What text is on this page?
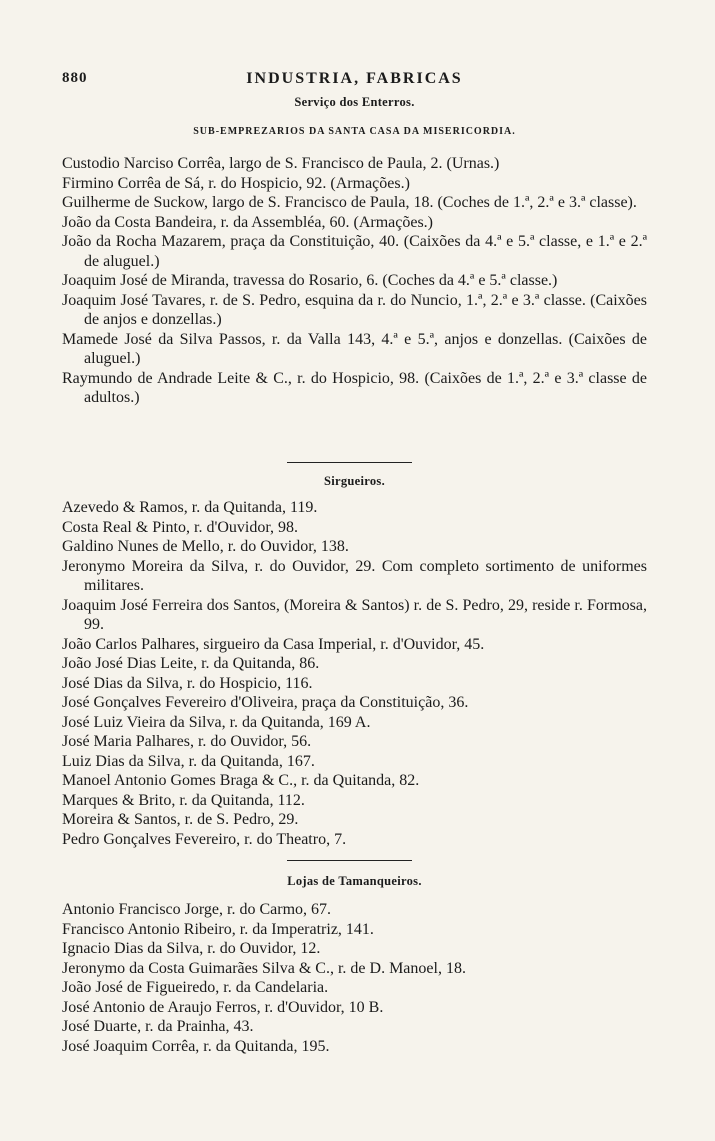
880	INDUSTRIA, FABRICAS
Serviço dos Enterros.
SUB-EMPREZARIOS DA SANTA CASA DA MISERICORDIA.

Custodio Narciso Corrêa, largo de S. Francisco de Paula, 2. (Urnas.)

Firmino Corrêa de Sá, r. do Hospicio, 92. (Armações.)

Guilherme de Suckow, largo de S. Francisco de Paula, 18. (Coches de 1.ª, 2.ª e 3.ª classe).

João da Costa Bandeira, r. da Assembléa, 60. (Armações.)

João da Rocha Mazarem, praça da Constituição, 40. (Caixões da 4.ª e 5.ª classe, e 1.ª e 2.ª de aluguel.)

Joaquim José de Miranda, travessa do Rosario, 6. (Coches da 4.ª e 5.ª classe.)

Joaquim José Tavares, r. de S. Pedro, esquina da r. do Nuncio, 1.ª, 2.ª e 3.ª classe. (Caixões de anjos e donzellas.)

Mamede José da Silva Passos, r. da Valla 143, 4.ª e 5.ª, anjos e donzellas. (Caixões de aluguel.)

Raymundo de Andrade Leite & C., r. do Hospicio, 98. (Caixões de 1.ª, 2.ª e 3.ª classe de adultos.)

Sirgueiros.

Azevedo & Ramos, r. da Quitanda, 119.

Costa Real & Pinto, r. d'Ouvidor, 98.

Galdino Nunes de Mello, r. do Ouvidor, 138.

Jeronymo Moreira da Silva, r. do Ouvidor, 29. Com completo sortimento de uniformes militares.

Joaquim José Ferreira dos Santos, (Moreira & Santos) r. de S. Pedro, 29, reside r. Formosa, 99.

João Carlos Palhares, sirgueiro da Casa Imperial, r. d'Ouvidor, 45.

João José Dias Leite, r. da Quitanda, 86.

José Dias da Silva, r. do Hospicio, 116.

José Gonçalves Fevereiro d'Oliveira, praça da Constituição, 36.

José Luiz Vieira da Silva, r. da Quitanda, 169 A.

José Maria Palhares, r. do Ouvidor, 56.

Luiz Dias da Silva, r. da Quitanda, 167.

Manoel Antonio Gomes Braga & C., r. da Quitanda, 82.

Marques & Brito, r. da Quitanda, 112.

Moreira & Santos, r. de S. Pedro, 29.

Pedro Gonçalves Fevereiro, r. do Theatro, 7.

Lojas de Tamanqueiros.

Antonio Francisco Jorge, r. do Carmo, 67.

Francisco Antonio Ribeiro, r. da Imperatriz, 141.

Ignacio Dias da Silva, r. do Ouvidor, 12.

Jeronymo da Costa Guimarães Silva & C., r. de D. Manoel, 18.

João José de Figueiredo, r. da Candelaria.

José Antonio de Araujo Ferros, r. d'Ouvidor, 10 B.

José Duarte, r. da Prainha, 43.

José Joaquim Corrêa, r. da Quitanda, 195.
